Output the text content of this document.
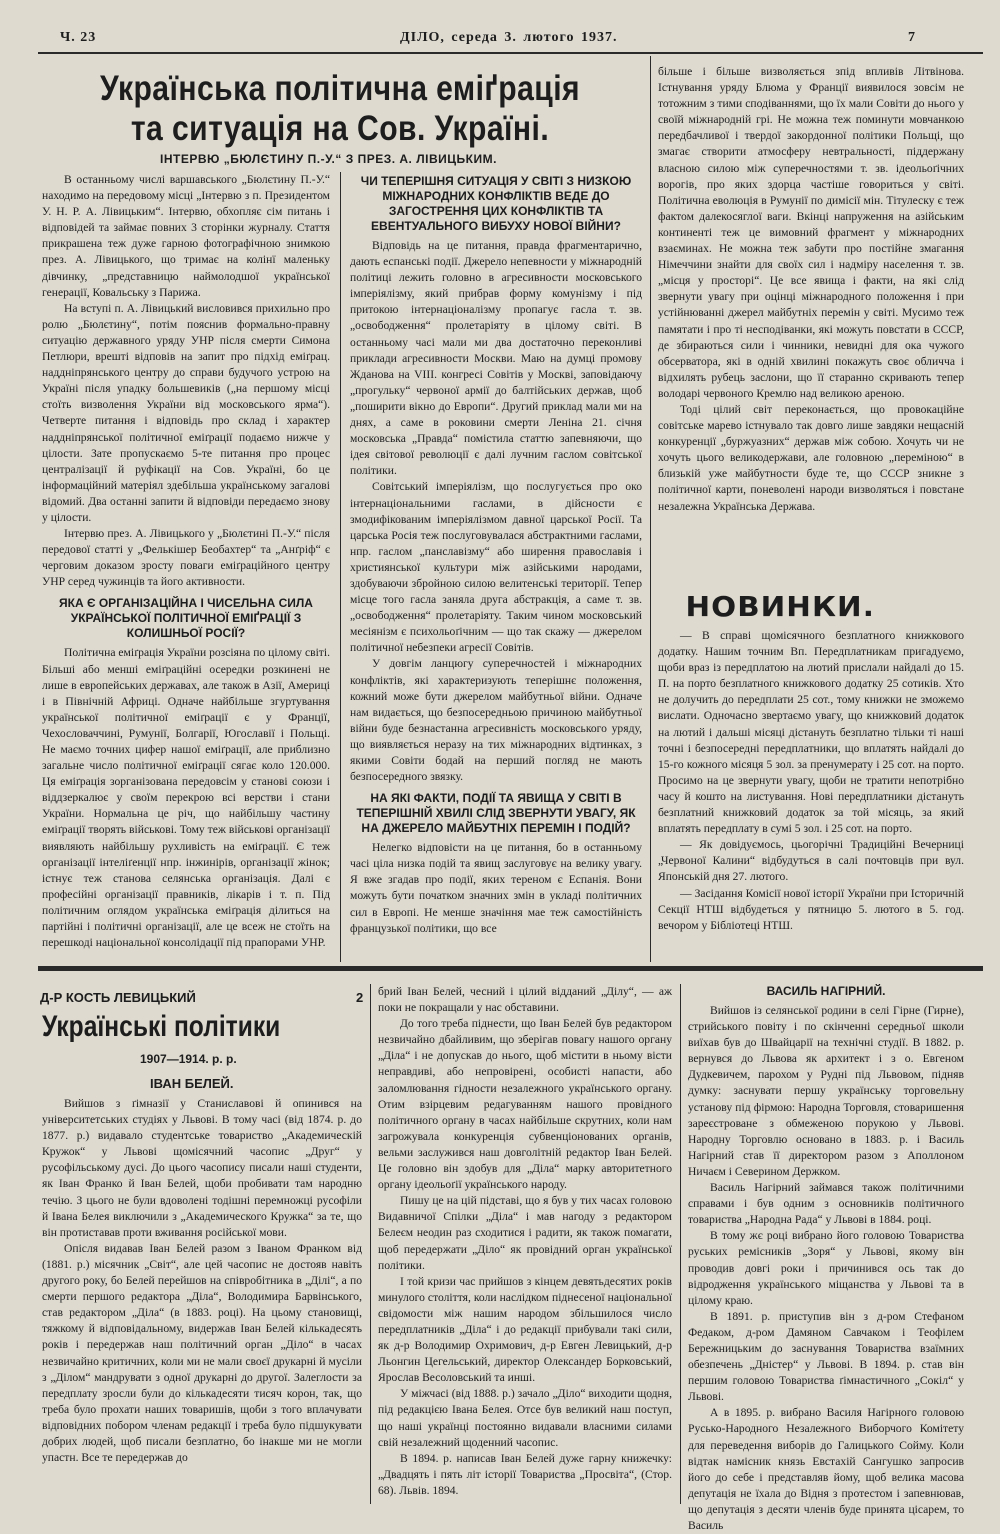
Ч. 23	ДІЛО, середа 3. лютого 1937.	7
Українська політична еміґрація
та ситуація на Сов. Україні.
ІНТЕРВЮ „БЮЛЄТИНУ П.-У.“ З ПРЕЗ. А. ЛІВИЦЬКИМ.

В останньому числі варшавського „Бюлєтину П.-У.“ находимо на передовому місці „Інтервю з п. Президентом У. Н. Р. А. Лівицьким“. Інтервю, обхопляє сім питань і відповідей та займає повних 3 сторінки журналу. Стаття прикрашена теж дуже гарною фотографічною знимкою през. А. Лівицького, що тримає на колінї маленьку дівчинку, „представницю наймолодшої української генерації, Ковальську з Парижа.

На вступі п. А. Лівицький висловився прихильно про ролю „Бюлєтину“, потім пояснив формально-правну ситуацію державного уряду УНР після смерти Симона Петлюри, врешті відповів на запит про підхід еміґрац. наддніпрянського центру до справи будучого устрою на Україні після упадку большевиків („на першому місці стоїть визволення України від московського ярма“). Четверте питання і відповідь про склад і характер наддніпрянської політичної еміґрації подаємо нижче у цілости. Зате пропускаємо 5-те питання про процес централізації й руфікації на Сов. Україні, бо це інформаційний матеріял здебільша українському загалові відомий. Два останні запити й відповіди передаємо знову у цілости.

Інтервю през. А. Лівицького у „Бюлєтині П.-У.“ після передової статті у „Фелькішер Беобахтер“ та „Анґріф“ є черговим доказом зросту поваги еміґраційного центру УНР серед чужинців та його активности.

ЯКА Є ОРГАНІЗАЦІЙНА І ЧИСЕЛЬНА СИЛА УКРАЇНСЬКОЇ ПОЛІТИЧНОЇ ЕМІҐРАЦІЇ З КОЛИШНЬОЇ РОСІЇ?

Політична еміґрація України розсіяна по цілому світі. Більші або менші еміґраційні осередки розкинені не лише в европейських державах, але також в Азії, Америці і в Північній Африці. Одначе найбільше згуртування української політичної еміґрації є у Франції, Чехословаччині, Румунії, Болгарії, Югославії і Польщі. Не маємо точних цифер нашої еміґрації, але приблизно загальне число політичної еміґрації сягає коло 120.000. Ця еміґрація зорганізована передовсім у станові союзи і віддзеркалює у своїм перекрою всі верстви і стани України. Нормальна це річ, що найбільшу частину еміґрації творять військові. Тому теж військові організації виявляють найбільшу рухливість на еміґрації. Є теж організації інтеліґенції нпр. інжинірів, організації жінок; істнує теж станова селянська організація. Далі є професійні організації правників, лікарів і т. п. Під політичним оглядом українська еміґрація ділиться на партійні і політичні організації, але це всеж не стоїть на перешкоді національної консолідації під прапорами УНР.

ЧИ ТЕПЕРІШНЯ СИТУАЦІЯ У СВІТІ З НИЗКОЮ МІЖНАРОДНИХ КОНФЛІКТІВ ВЕДЕ ДО ЗАГОСТРЕННЯ ЦИХ КОНФЛІКТІВ ТА ЕВЕНТУАЛЬНОГО ВИБУХУ НОВОЇ ВІЙНИ?

Відповідь на це питання, правда фрагментарично, дають еспанські події. Джерело непевности у міжнародній політиці лежить головно в агресивности московського імперіялізму, який прибрав форму комунізму і під притокою інтернаціоналізму пропагує гасла т. зв. „освободження“ пролетаріяту в цілому світі. В останньому часі мали ми два достаточно переконливі приклади агресивности Москви. Маю на думці промову Жданова на VIII. конгресі Совітів у Москві, заповідаючу „прогульку“ червоної армії до балтійських держав, щоб „поширити вікно до Европи“. Другий приклад мали ми на днях, а саме в роковини смерти Леніна 21. січня московська „Правда“ помістила статтю запевняючи, що ідея світової революції є далі лучним гаслом совітської політики.

Совітський імперіялізм, що послугується про око інтернаціональними гаслами, в дійсности є змодифікованим імперіялізмом давної царської Росії. Та царська Росія теж послуговувалася абстрактними гаслами, нпр. гаслом „панславізму“ або ширення православія і християнської культури між азійськими народами, здобуваючи збройною силою велитенські території. Тепер місце того гасла заняла друга абстракція, а саме т. зв. „освободження“ пролетаріяту. Таким чином московський месіянізм є психольоґічним — що так скажу — джерелом політичної небезпеки агресії Совітів.

У довгім ланцюгу суперечностей і міжнародних конфліктів, які характеризують теперішнє положення, кожний може бути джерелом майбутньої війни. Одначе нам видається, що безпосередньою причиною майбутньої війни буде безнастанна агресивність московського уряду, що виявляється неразу на тих міжнародних відтинках, з якими Совіти бодай на перший погляд не мають безпосередного звязку.

НА ЯКІ ФАКТИ, ПОДІЇ ТА ЯВИЩА У СВІТІ В ТЕПЕРІШНІЙ ХВИЛІ СЛІД ЗВЕРНУТИ УВАГУ, ЯК НА ДЖЕРЕЛО МАЙБУТНІХ ПЕРЕМІН І ПОДІЙ?

Нелегко відповісти на це питання, бо в останньому часі ціла низка подій та явищ заслуговує на велику увагу. Я вже згадав про події, яких тереном є Еспанія. Вони можуть бути початком значних змін в укладі політичних сил в Европі. Не менше значіння мае теж самостійність французької політики, що все

більше і більше визволяється зпід впливів Літвінова. Істнування уряду Блюма у Франції виявилося зовсім не тотожним з тими сподіваннями, що їх мали Совіти до нього у своїй міжнародній грі. Не можна теж поминути мовчанкою передбачливої і твердої закордонної політики Польщі, що змагає створити атмосферу невтральності, піддержану власною силою між суперечностями т. зв. ідеольоґічних ворогів, про яких здорца частіше говориться у світі. Політична еволюція в Румунії по димісії мін. Тітулеску є теж фактом далекосяглої ваги. Вкінці напруження на азійським континенті теж це вимовний фрагмент у міжнародних взаєминах. Не можна теж забути про постійне змагання Німеччини знайти для своїх сил і надміру населення т. зв. „місця у просторі“. Це все явища і факти, на які слід звернути увагу при оцінці міжнародного положення і при устійнюванні джерел майбутніх перемін у світі. Мусимо теж памятати і про ті несподіванки, які можуть повстати в СССР, де збираються сили і чинники, невидні для ока чужого обсерватора, які в одній хвилині покажуть своє обличча і відхилять рубець заслони, що її старанно скривають тепер володарі червоного Кремлю над великою ареною.

Тоді цілий світ переконається, що провокаційне совітське марево істнувало так довго лише завдяки нещасній конкуренції „буржуазних“ держав між собою. Хочуть чи не хочуть цього великодержави, але головною „переміною“ в близькій уже майбутности буде те, що СССР зникне з політичної карти, поневолені народи визволяться і повстане незалежна Українська Держава.

НОВИНКИ.

— В справі щомісячного безплатного книжкового додатку. Нашим точним Вп. Передплатникам пригадуємо, щоби враз із передплатою на лютий прислали найдалі до 15. П. на порто безплатного книжкового додатку 25 сотиків. Хто не долучить до передплати 25 сот., тому книжки не зможемо вислати. Одночасно звертаємо увагу, що книжковий додаток на лютий і дальші місяці дістануть безплатно тільки ті наші точні і безпосередні передплатники, що вплатять найдалі до 15-го кожного місяця 5 зол. за пренумерату і 25 сот. на порто. Просимо на це звернути увагу, щоби не тратити непотрібно часу й кошто на листування. Нові передплатники дістануть безплатний книжковий додаток за той місяць, за який вплатять передплату в сумі 5 зол. і 25 сот. на порто.

— Як довідуємось, цьогорічні Традиційні Вечерниці „Червоної Калини“ відбудуться в салі почтовців при вул. Японській дня 27. лютого.

— Засідання Комісії нової історії України при Історичній Секції НТШ відбудеться у пятницю 5. лютого в 5. год. вечором у Бібліотеці НТШ.

Д-Р КОСТЬ ЛЕВИЦЬКИЙ	2
Українські політики
1907—1914. р. р.
ІВАН БЕЛЕЙ.

Вийшов з ґімназії у Станиславові й опинився на університетських студіях у Львові. В тому часі (від 1874. р. до 1877. р.) видавало студентське товариство „Академическій Кружок“ у Львові щомісячний часопис „Друг“ у русофільському дусі. До цього часопису писали наші студенти, як Іван Франко й Іван Белей, щоби пробивати там народню течію. З цього не були вдоволені тодішні перемножці русофіли й Івана Белея виключили з „Академического Кружка“ за те, що він протиставав проти вживання російської мови.

Опісля видавав Іван Белей разом з Іваном Франком від (1881. р.) місячник „Світ“, але цей часопис не достояв навіть другого року, бо Белей перейшов на співробітника в „Ділі“, а по смерти першого редактора „Діла“, Володимира Барвінського, став редактором „Діла“ (в 1883. році). На цьому становищі, тяжкому й відповідальному, видержав Іван Белей кількадесять років і передержав наш політичний орган „Діло“ в часах незвичайно критичних, коли ми не мали своєї друкарні й мусіли з „Ділом“ мандрувати з одної друкарні до другої. Залеглости за передплату зросли були до кількадесяти тисяч корон, так, що треба було прохати наших товаришів, щоби з того вплачувати відповідних побором членам редакції і треба було підшукувати добрих людей, щоб писали безплатно, бо інакше ми не могли упастн. Все те передержав до

брий Іван Белей, чесний і цілий відданий „Ділу“, — аж поки не покращали у нас обставини.

До того треба піднести, що Іван Белей був редактором незвичайно дбайливим, що зберігав повагу нашого органу „Діла“ і не допускав до нього, щоб містити в ньому вісти неправдиві, або непровірені, особисті напасти, або заломлювання гідности незалежного українського органу. Отим взірцевим редагуванням нашого провідного політичного органу в часах найбільше скрутних, коли нам загрожувала конкуренція субвенціонованих органів, вельми заслужився наш довголітній редактор Іван Белей. Це головно він здобув для „Діла“ марку авторитетного органу ідеольоґії українського народу.

Пишу це на цій підставі, що я був у тих часах головою Видавничої Спілки „Діла“ і мав нагоду з редактором Белеєм неодин раз сходитися і радити, як також помагати, щоб передержати „Діло“ як провідний орган української політики.

І той кризи час прийшов з кінцем девятьдесятих років минулого століття, коли наслідком піднесеної національної свідомости між нашим народом збільшилося число передплатників „Діла“ і до редакції прибували такі сили, як д-р Володимир Охримович, д-р Евген Левицький, д-р Льонгин Цегельський, директор Олександер Борковський, Ярослав Весоловський та инші.

У міжчасі (від 1888. р.) зачало „Діло“ виходити щодня, під редакцією Івана Белея. Отсе був великий наш поступ, що наші українці постоянно видавали власними силами свій незалежний щоденний часопис.

В 1894. р. написав Іван Белей дуже гарну книжечку: „Двадцять і пять літ історії Товариства „Просвіта“, (Стор. 68). Львів. 1894.

ВАСИЛЬ НАГІРНИЙ.

Вийшов із селянської родини в селі Гірне (Гирне), стрийського повіту і по скінченні середньої школи виїхав був до Швайцарії на технічні студії. В 1882. р. вернувся до Львова як архитект і з о. Евгеном Дудкевичем, парохом у Рудні під Львовом, підняв думку: заснувати першу українську торговельну установу під фірмою: Народна Торговля, стоваришення зареєстроване з обмеженою порукою у Львові. Народну Торговлю основано в 1883. р. і Василь Нагірний став її директором разом з Аполлоном Ничаєм і Северином Держком.

Василь Нагірний займався також політичними справами і був одним з основників політичного товариства „Народна Рада“ у Львові в 1884. році.

В тому жє році вибрано його головою Товариства руських ремісників „Зоря“ у Львові, якому він проводив довгі роки і причинився ось так до відродження українського міщанства у Львові та в цілому краю.

В 1891. р. приступив він з д-ром Стефаном Федаком, д-ром Дамяном Савчаком і Теофілем Бережницьким до заснування Товариства взаїмних обезпечень „Дністер“ у Львові. В 1894. р. став він першим головою Товариства ґімнастичного „Сокіл“ у Львові.

А в 1895. р. вибрано Василя Нагірного головою Русько-Народного Незалежного Виборчого Комітету для переведення виборів до Галицького Сойму. Коли відтак намісник князь Евстахій Сангушко запросив його до себе і представляв йому, щоб велика масова депутація не їхала до Відня з протестом і запевнював, що депутація з десяти членів буде принята цісарем, то Василь
